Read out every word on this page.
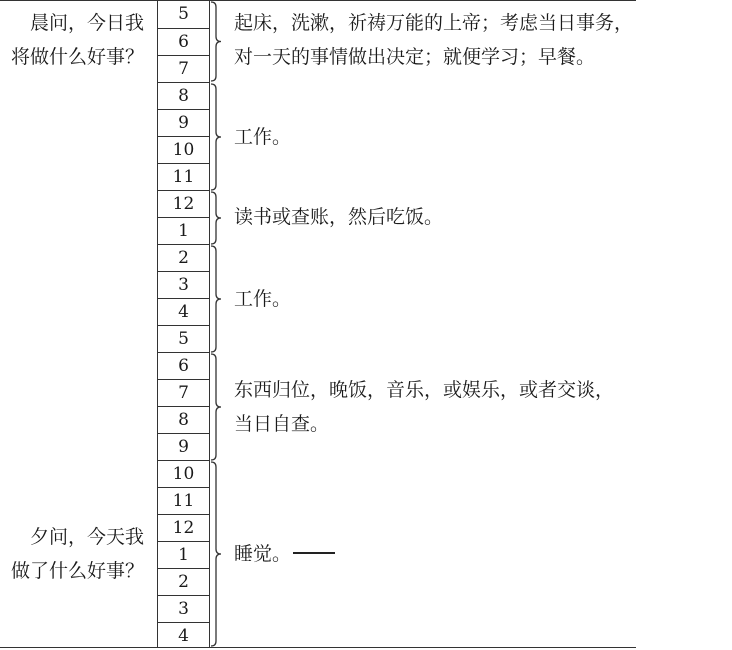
晨问，今日我
将做什么好事？
夕问，今天我
做了什么好事？
5
6
7
8
9
10
11
12
1
2
3
4
5
6
7
8
9
10
11
12
1
2
3
4
起床，洗漱，祈祷万能的上帝；考虑当日事务，
对一天的事情做出决定；就便学习；早餐。
工作。
读书或查账，然后吃饭。
工作。
东西归位，晚饭，音乐，或娱乐，或者交谈，
当日自查。
睡觉。
